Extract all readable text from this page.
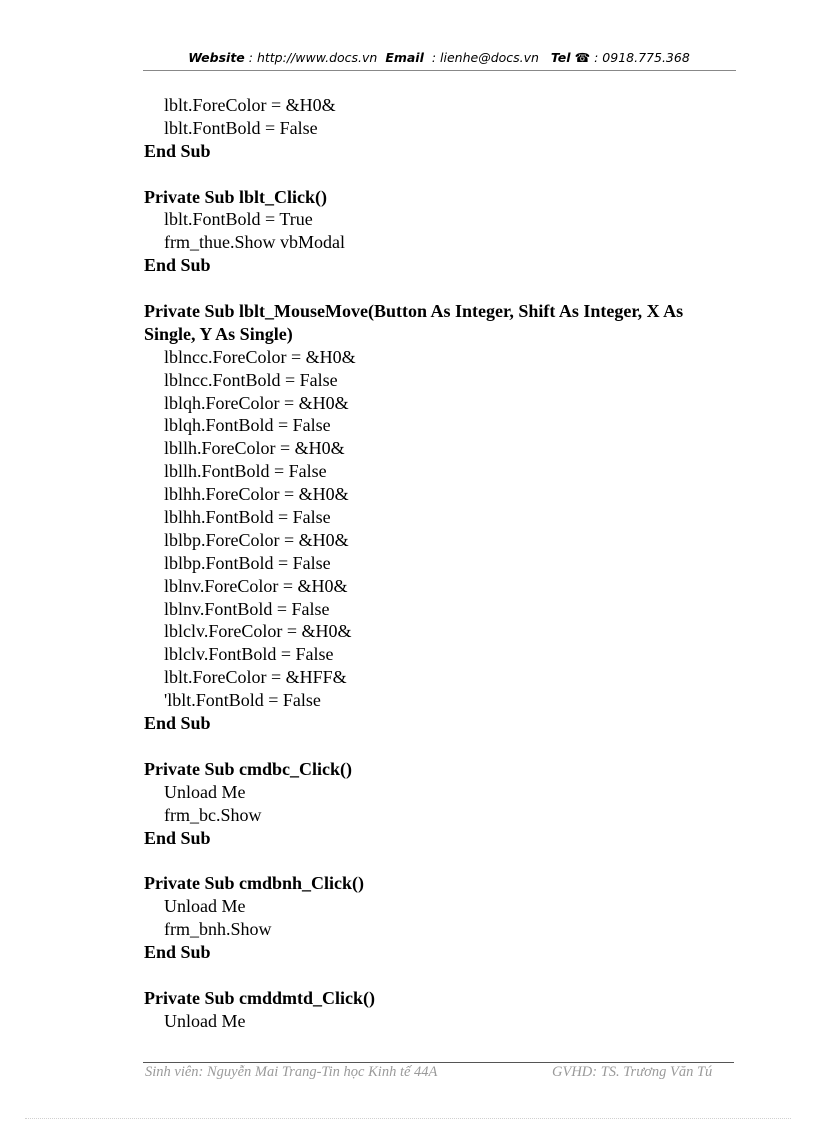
Website : http://www.docs.vn Email : lienhe@docs.vn Tel ☎ : 0918.775.368
lblt.ForeColor = &H0&
lblt.FontBold = False
End Sub
Private Sub lblt_Click()
lblt.FontBold = True
frm_thue.Show vbModal
End Sub
Private Sub lblt_MouseMove(Button As Integer, Shift As Integer, X As
Single, Y As Single)
lblncc.ForeColor = &H0&
lblncc.FontBold = False
lblqh.ForeColor = &H0&
lblqh.FontBold = False
lbllh.ForeColor = &H0&
lbllh.FontBold = False
lblhh.ForeColor = &H0&
lblhh.FontBold = False
lblbp.ForeColor = &H0&
lblbp.FontBold = False
lblnv.ForeColor = &H0&
lblnv.FontBold = False
lblclv.ForeColor = &H0&
lblclv.FontBold = False
lblt.ForeColor = &HFF&
'lblt.FontBold = False
End Sub
Private Sub cmdbc_Click()
Unload Me
frm_bc.Show
End Sub
Private Sub cmdbnh_Click()
Unload Me
frm_bnh.Show
End Sub
Private Sub cmddmtd_Click()
Unload Me
Sinh viên: Nguyễn Mai Trang-Tin học Kinh tế 44A	GVHD: TS. Trương Văn Tú
